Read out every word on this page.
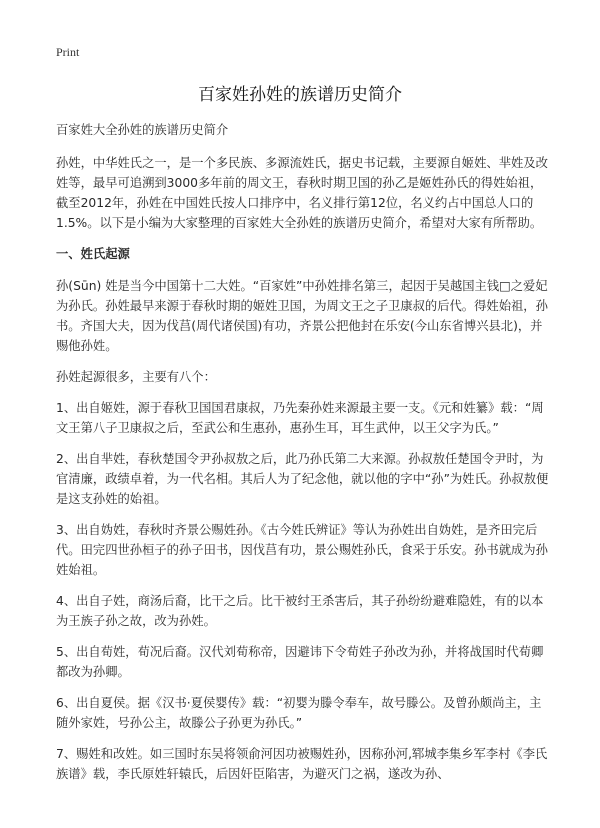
Print
百家姓孙姓的族谱历史简介

百家姓大全孙姓的族谱历史简介

孙姓，中华姓氏之一，是一个多民族、多源流姓氏，据史书记载，主要源自姬姓、芈姓及改姓等，最早可追溯到3000多年前的周文王，春秋时期卫国的孙乙是姬姓孙氏的得姓始祖，截至2012年，孙姓在中国姓氏按人口排序中，名义排行第12位，名义约占中国总人口的1.5%。以下是小编为大家整理的百家姓大全孙姓的族谱历史简介，希望对大家有所帮助。

一、姓氏起源

孙(Sūn) 姓是当今中国第十二大姓。“百家姓”中孙姓排名第三，起因于吴越国主钱□之爱妃为孙氏。孙姓最早来源于春秋时期的姬姓卫国，为周文王之子卫康叔的后代。得姓始祖，孙书。齐国大夫，因为伐莒(周代诸侯国)有功，齐景公把他封在乐安(今山东省博兴县北)，并赐他孙姓。

孙姓起源很多，主要有八个：

1、出自姬姓，源于春秋卫国国君康叔，乃先秦孙姓来源最主要一支。《元和姓纂》载：“周文王第八子卫康叔之后，至武公和生惠孙，惠孙生耳，耳生武仲，以王父字为氏。”

2、出自芈姓，春秋楚国令尹孙叔敖之后，此乃孙氏第二大来源。孙叔敖任楚国令尹时，为官清廉，政绩卓着，为一代名相。其后人为了纪念他，就以他的字中“孙”为姓氏。孙叔敖便是这支孙姓的始祖。

3、出自妫姓，春秋时齐景公赐姓孙。《古今姓氏辨证》等认为孙姓出自妫姓，是齐田完后代。田完四世孙桓子的孙子田书，因伐莒有功，景公赐姓孙氏，食采于乐安。孙书就成为孙姓始祖。

4、出自子姓，商汤后裔，比干之后。比干被纣王杀害后，其子孙纷纷避难隐姓，有的以本为王族子孙之故，改为孙姓。

5、出自荀姓，荀况后裔。汉代刘荀称帝，因避讳下令荀姓子孙改为孙，并将战国时代荀卿都改为孙卿。

6、出自夏侯。据《汉书·夏侯婴传》载：“初婴为滕令奉车，故号滕公。及曾孙颇尚主，主随外家姓，号孙公主，故滕公子孙更为孙氏。”

7、赐姓和改姓。如三国时东吴将领俞河因功被赐姓孙，因称孙河,郓城李集乡军李村《李氏族谱》载，李氏原姓轩辕氏，后因奸臣陷害，为避灭门之祸，遂改为孙、
